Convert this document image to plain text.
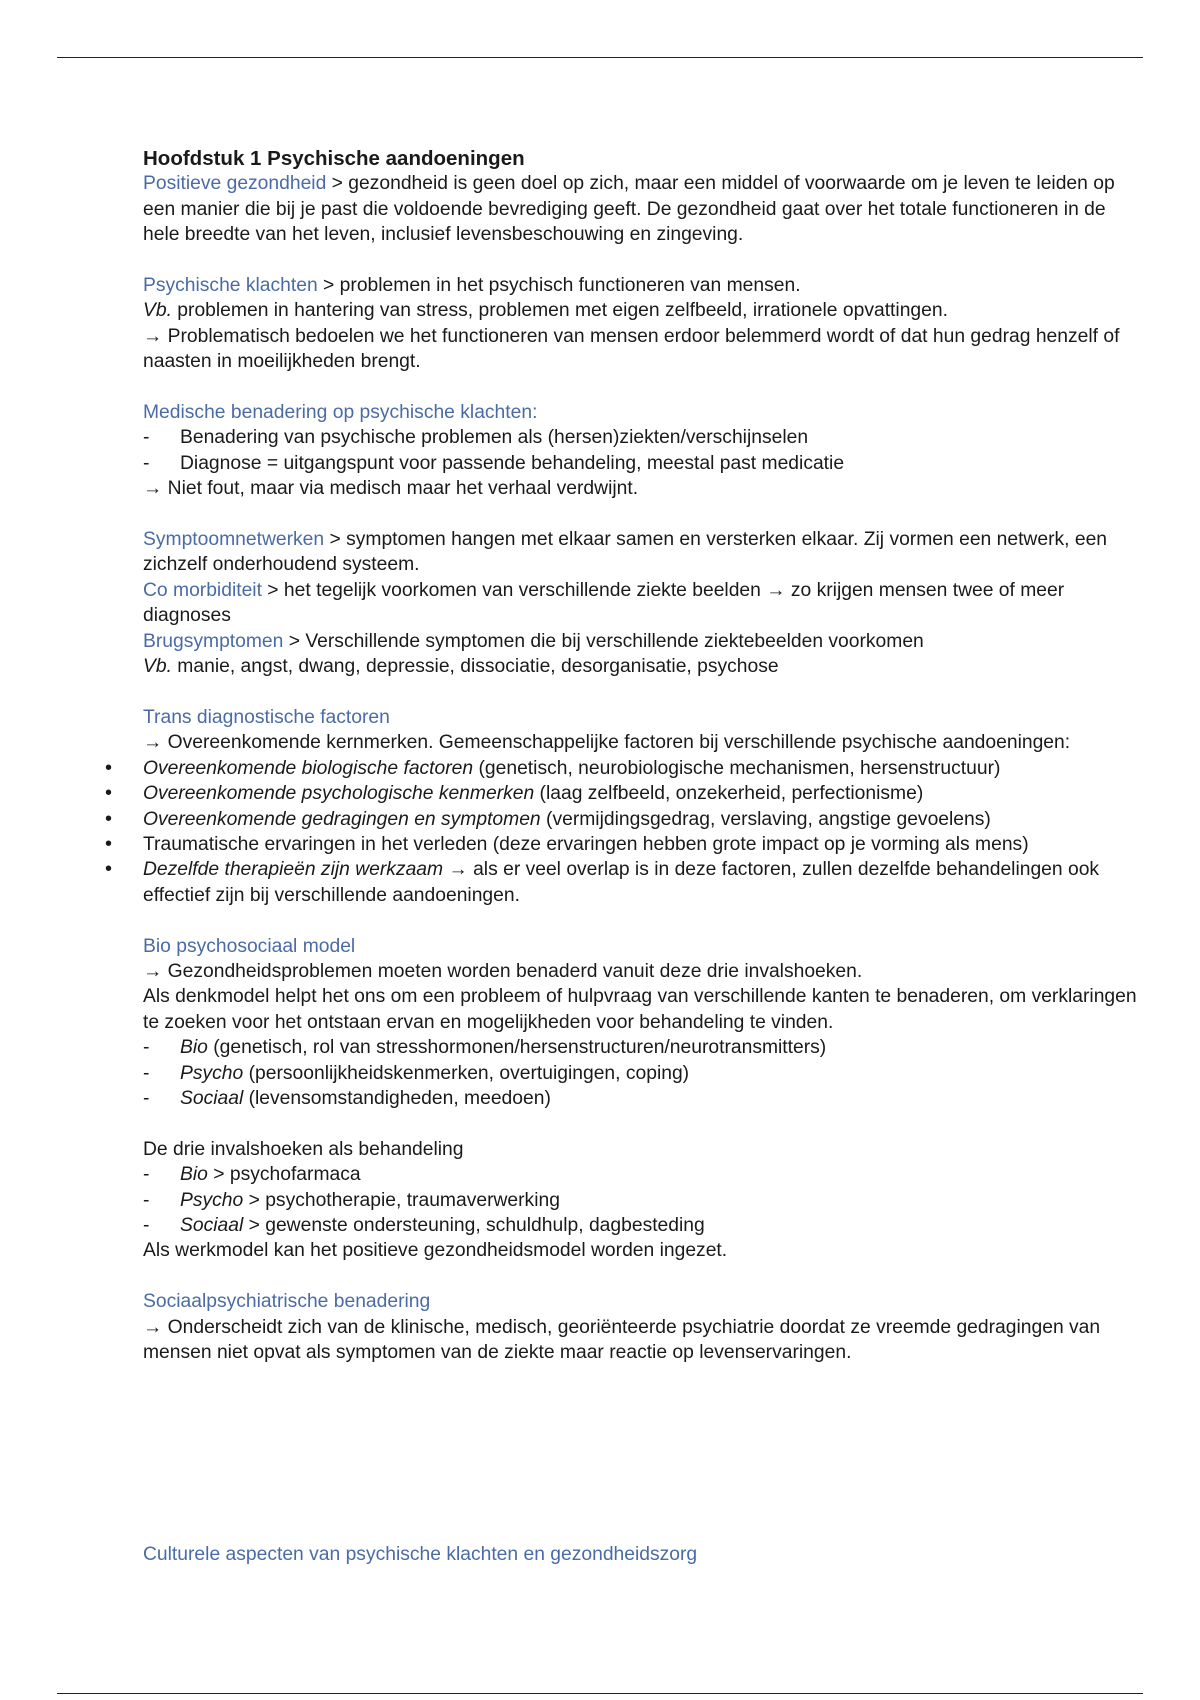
Hoofdstuk 1 Psychische aandoeningen

Positieve gezondheid > gezondheid is geen doel op zich, maar een middel of voorwaarde om je leven te leiden op een manier die bij je past die voldoende bevrediging geeft. De gezondheid gaat over het totale functioneren in de hele breedte van het leven, inclusief levensbeschouwing en zingeving.

Psychische klachten > problemen in het psychisch functioneren van mensen.

Vb. problemen in hantering van stress, problemen met eigen zelfbeeld, irrationele opvattingen.

→ Problematisch bedoelen we het functioneren van mensen erdoor belemmerd wordt of dat hun gedrag henzelf of naasten in moeilijkheden brengt.

Medische benadering op psychische klachten:

- Benadering van psychische problemen als (hersen)ziekten/verschijnselen

- Diagnose = uitgangspunt voor passende behandeling, meestal past medicatie

→ Niet fout, maar via medisch maar het verhaal verdwijnt.

Symptoomnetwerken > symptomen hangen met elkaar samen en versterken elkaar. Zij vormen een netwerk, een zichzelf onderhoudend systeem.

Co morbiditeit > het tegelijk voorkomen van verschillende ziekte beelden → zo krijgen mensen twee of meer diagnoses

Brugsymptomen > Verschillende symptomen die bij verschillende ziektebeelden voorkomen

Vb. manie, angst, dwang, depressie, dissociatie, desorganisatie, psychose

Trans diagnostische factoren

→ Overeenkomende kernmerken. Gemeenschappelijke factoren bij verschillende psychische aandoeningen:

• Overeenkomende biologische factoren (genetisch, neurobiologische mechanismen, hersenstructuur)

• Overeenkomende psychologische kenmerken (laag zelfbeeld, onzekerheid, perfectionisme)

• Overeenkomende gedragingen en symptomen (vermijdingsgedrag, verslaving, angstige gevoelens)

• Traumatische ervaringen in het verleden (deze ervaringen hebben grote impact op je vorming als mens)

• Dezelfde therapieën zijn werkzaam → als er veel overlap is in deze factoren, zullen dezelfde behandelingen ook effectief zijn bij verschillende aandoeningen.

Bio psychosociaal model

→ Gezondheidsproblemen moeten worden benaderd vanuit deze drie invalshoeken.

Als denkmodel helpt het ons om een probleem of hulpvraag van verschillende kanten te benaderen, om verklaringen te zoeken voor het ontstaan ervan en mogelijkheden voor behandeling te vinden.

- Bio (genetisch, rol van stresshormonen/hersenstructuren/neurotransmitters)

- Psycho (persoonlijkheidskenmerken, overtuigingen, coping)

- Sociaal (levensomstandigheden, meedoen)

De drie invalshoeken als behandeling

- Bio > psychofarmaca

- Psycho > psychotherapie, traumaverwerking

- Sociaal > gewenste ondersteuning, schuldhulp, dagbesteding

Als werkmodel kan het positieve gezondheidsmodel worden ingezet.

Sociaalpsychiatrische benadering

→ Onderscheidt zich van de klinische, medisch, georiënteerde psychiatrie doordat ze vreemde gedragingen van mensen niet opvat als symptomen van de ziekte maar reactie op levenservaringen.

Culturele aspecten van psychische klachten en gezondheidszorg
